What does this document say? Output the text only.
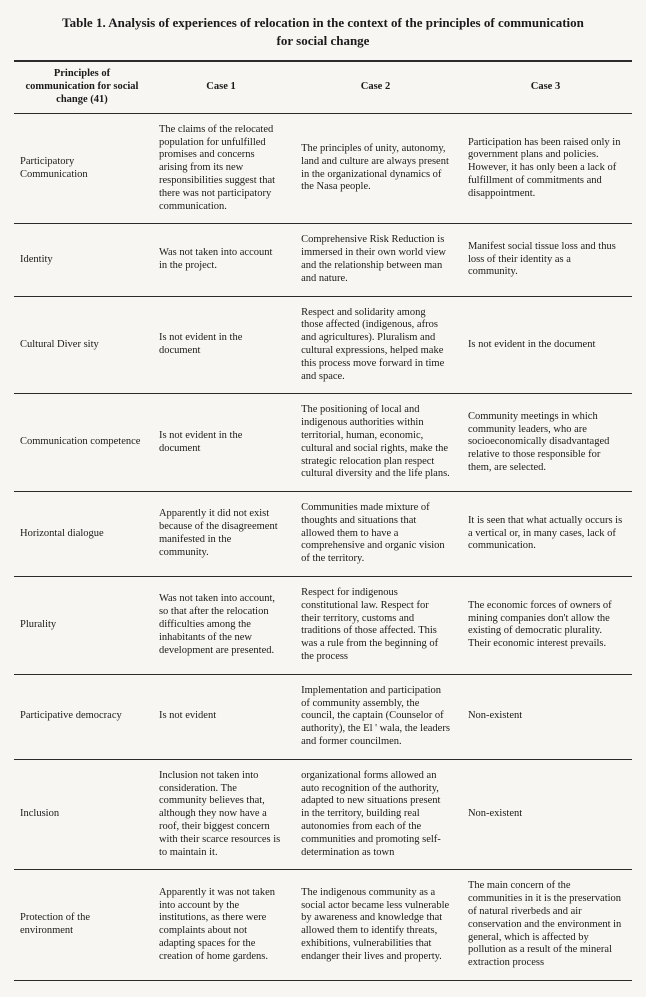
Table 1. Analysis of experiences of relocation in the context of the principles of communication for social change
Principles of communication for social change (41)	Case 1	Case 2	Case 3
Participatory Communication	The claims of the relocated population for unfulfilled promises and concerns arising from its new responsibilities suggest that there was not participatory communication.	The principles of unity, autonomy, land and culture are always present in the organizational dynamics of the Nasa people.	Participation has been raised only in government plans and policies. However, it has only been a lack of fulfillment of commitments and disappointment.
Identity	Was not taken into account in the project.	Comprehensive Risk Reduction is immersed in their own world view and the relationship between man and nature.	Manifest social tissue loss and thus loss of their identity as a community.
Cultural Diver sity	Is not evident in the document	Respect and solidarity among those affected (indigenous, afros and agricultures). Pluralism and cultural expressions, helped make this process move forward in time and space.	Is not evident in the document
Communication competence	Is not evident in the document	The positioning of local and indigenous authorities within territorial, human, economic, cultural and social rights, make the strategic relocation plan respect cultural diversity and the life plans.	Community meetings in which community leaders, who are socioeconomically disadvantaged relative to those responsible for them, are selected.
Horizontal dialogue	Apparently it did not exist because of the disagreement manifested in the community.	Communities made mixture of thoughts and situations that allowed them to have a comprehensive and organic vision of the territory.	It is seen that what actually occurs is a vertical or, in many cases, lack of communication.
Plurality	Was not taken into account, so that after the relocation difficulties among the inhabitants of the new development are presented.	Respect for indigenous constitutional law. Respect for their territory, customs and traditions of those affected. This was a rule from the beginning of the process	The economic forces of owners of mining companies don't allow the existing of democratic plurality. Their economic interest prevails.
Participative democracy	Is not evident	Implementation and participation of community assembly, the council, the captain (Counselor of authority), the El ' wala, the leaders and former councilmen.	Non-existent
Inclusion	Inclusion not taken into consideration. The community believes that, although they now have a roof, their biggest concern with their scarce resources is to maintain it.	organizational forms allowed an auto recognition of the authority, adapted to new situations present in the territory, building real autonomies from each of the communities and promoting self-determination as town	Non-existent
Protection of the environment	Apparently it was not taken into account by the institutions, as there were complaints about not adapting spaces for the creation of home gardens.	The indigenous community as a social actor became less vulnerable by awareness and knowledge that allowed them to identify threats, exhibitions, vulnerabilities that endanger their lives and property.	The main concern of the communities in it is the preservation of natural riverbeds and air conservation and the environment in general, which is affected by pollution as a result of the mineral extraction process
